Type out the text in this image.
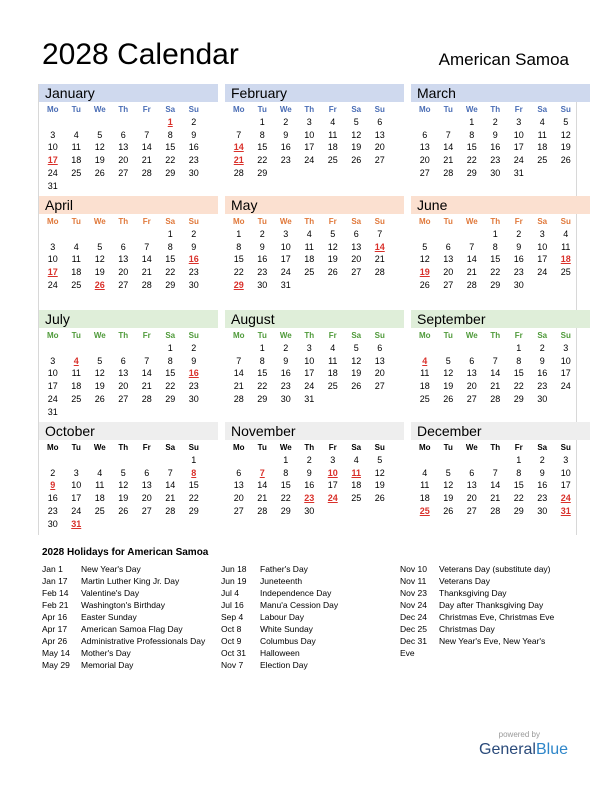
2028 Calendar	American Samoa
January
Mo	Tu	We	Th	Fr	Sa	Su
					1	2
3	4	5	6	7	8	9
10	11	12	13	14	15	16
17	18	19	20	21	22	23
24	25	26	27	28	29	30
31						
February
Mo	Tu	We	Th	Fr	Sa	Su
	1	2	3	4	5	6
7	8	9	10	11	12	13
14	15	16	17	18	19	20
21	22	23	24	25	26	27
28	29					
March
Mo	Tu	We	Th	Fr	Sa	Su
		1	2	3	4	5
6	7	8	9	10	11	12
13	14	15	16	17	18	19
20	21	22	23	24	25	26
27	28	29	30	31		
April
Mo	Tu	We	Th	Fr	Sa	Su
					1	2
3	4	5	6	7	8	9
10	11	12	13	14	15	16
17	18	19	20	21	22	23
24	25	26	27	28	29	30
May
Mo	Tu	We	Th	Fr	Sa	Su
1	2	3	4	5	6	7
8	9	10	11	12	13	14
15	16	17	18	19	20	21
22	23	24	25	26	27	28
29	30	31				
June
Mo	Tu	We	Th	Fr	Sa	Su
			1	2	3	4
5	6	7	8	9	10	11
12	13	14	15	16	17	18
19	20	21	22	23	24	25
26	27	28	29	30		
July
Mo	Tu	We	Th	Fr	Sa	Su
					1	2
3	4	5	6	7	8	9
10	11	12	13	14	15	16
17	18	19	20	21	22	23
24	25	26	27	28	29	30
31						
August
Mo	Tu	We	Th	Fr	Sa	Su
	1	2	3	4	5	6
7	8	9	10	11	12	13
14	15	16	17	18	19	20
21	22	23	24	25	26	27
28	29	30	31			
September
Mo	Tu	We	Th	Fr	Sa	Su
				1	2	3
4	5	6	7	8	9	10
11	12	13	14	15	16	17
18	19	20	21	22	23	24
25	26	27	28	29	30	
October
Mo	Tu	We	Th	Fr	Sa	Su
						1
2	3	4	5	6	7	8
9	10	11	12	13	14	15
16	17	18	19	20	21	22
23	24	25	26	27	28	29
30	31					
November
Mo	Tu	We	Th	Fr	Sa	Su
		1	2	3	4	5
6	7	8	9	10	11	12
13	14	15	16	17	18	19
20	21	22	23	24	25	26
27	28	29	30			
December
Mo	Tu	We	Th	Fr	Sa	Su
				1	2	3
4	5	6	7	8	9	10
11	12	13	14	15	16	17
18	19	20	21	22	23	24
25	26	27	28	29	30	31
2028 Holidays for American Samoa
Jan 1 New Year's Day
Jan 17 Martin Luther King Jr. Day
Feb 14 Valentine's Day
Feb 21 Washington's Birthday
Apr 16 Easter Sunday
Apr 17 American Samoa Flag Day
Apr 26 Administrative Professionals Day
May 14 Mother's Day
May 29 Memorial Day
Jun 18 Father's Day
Jun 19 Juneteenth
Jul 4 Independence Day
Jul 16 Manu'a Cession Day
Sep 4 Labour Day
Oct 8 White Sunday
Oct 9 Columbus Day
Oct 31 Halloween
Nov 7 Election Day
Nov 10 Veterans Day (substitute day)
Nov 11 Veterans Day
Nov 23 Thanksgiving Day
Nov 24 Day after Thanksgiving Day
Dec 24 Christmas Eve, Christmas Eve
Dec 25 Christmas Day
Dec 31 New Year's Eve, New Year's
Eve
powered by
GeneralBlue
